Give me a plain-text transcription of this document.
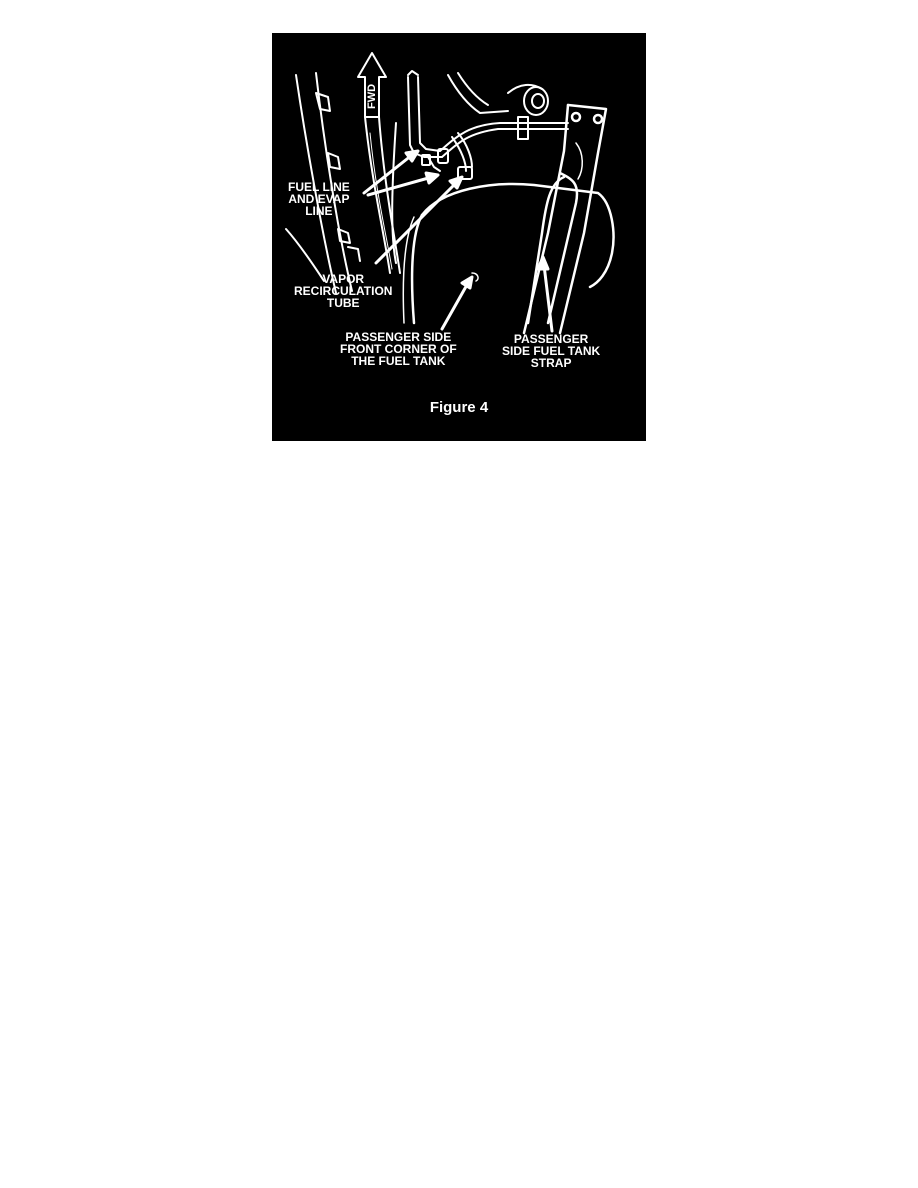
FWD
FUEL LINE
AND EVAP
LINE
VAPOR
RECIRCULATION
TUBE
PASSENGER SIDE
FRONT CORNER OF
THE FUEL TANK
PASSENGER
SIDE FUEL TANK
STRAP
Figure 4
